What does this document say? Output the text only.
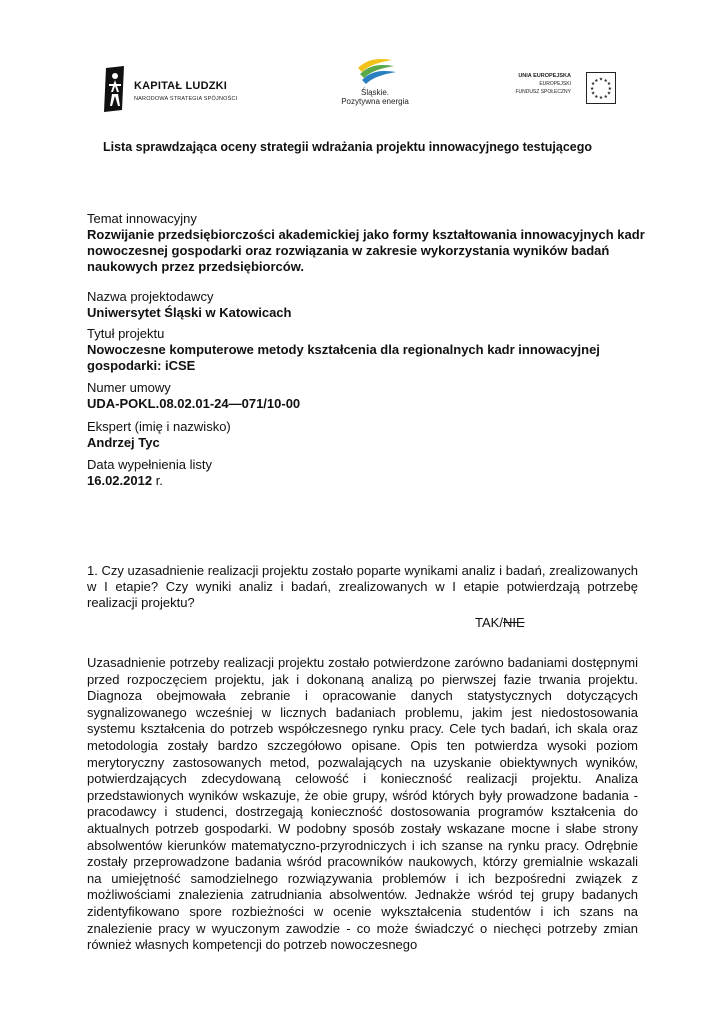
KAPITAŁ LUDZKI
NARODOWA STRATEGIA SPÓJNOŚCI
Śląskie.
Pozytywna energia
UNIA EUROPEJSKA
EUROPEJSKI
FUNDUSZ SPOŁECZNY
★ ★
★
★
★
★
★
★
★
★
★
★
Lista sprawdzająca oceny strategii wdrażania projektu innowacyjnego testującego
Temat innowacyjny
Rozwijanie przedsiębiorczości akademickiej jako formy kształtowania innowacyjnych kadr nowoczesnej gospodarki oraz rozwiązania w zakresie wykorzystania wyników badań naukowych przez przedsiębiorców.
Nazwa projektodawcy
Uniwersytet Śląski w Katowicach
Tytuł projektu
Nowoczesne komputerowe metody kształcenia dla regionalnych kadr innowacyjnej gospodarki: iCSE
Numer umowy
UDA-POKL.08.02.01-24—071/10-00
Ekspert (imię i nazwisko)
Andrzej Tyc
Data wypełnienia listy
16.02.2012 r.
1. Czy uzasadnienie realizacji projektu zostało poparte wynikami analiz i badań, zrealizowanych w I etapie? Czy wyniki analiz i badań, zrealizowanych w I etapie potwierdzają potrzebę realizacji projektu?
TAK/NIE
Uzasadnienie potrzeby realizacji projektu zostało potwierdzone zarówno badaniami dostępnymi przed rozpoczęciem projektu, jak i dokonaną analizą po pierwszej fazie trwania projektu. Diagnoza obejmowała zebranie i opracowanie danych statystycznych dotyczących sygnalizowanego wcześniej w licznych badaniach problemu, jakim jest niedostosowania systemu kształcenia do potrzeb współczesnego rynku pracy. Cele tych badań, ich skala oraz metodologia zostały bardzo szczegółowo opisane. Opis ten potwierdza wysoki poziom merytoryczny zastosowanych metod, pozwalających na uzyskanie obiektywnych wyników, potwierdzających zdecydowaną celowość i konieczność realizacji projektu. Analiza przedstawionych wyników wskazuje, że obie grupy, wśród których były prowadzone badania -pracodawcy i studenci, dostrzegają konieczność dostosowania programów kształcenia do aktualnych potrzeb gospodarki. W podobny sposób zostały wskazane mocne i słabe strony absolwentów kierunków matematyczno-przyrodniczych i ich szanse na rynku pracy. Odrębnie zostały przeprowadzone badania wśród pracowników naukowych, którzy gremialnie wskazali na umiejętność samodzielnego rozwiązywania problemów i ich bezpośredni związek z możliwościami znalezienia zatrudniania absolwentów. Jednakże wśród tej grupy badanych zidentyfikowano spore rozbieżności w ocenie wykształcenia studentów i ich szans na znalezienie pracy w wyuczonym zawodzie - co może świadczyć o niechęci potrzeby zmian również własnych kompetencji do potrzeb nowoczesnego
